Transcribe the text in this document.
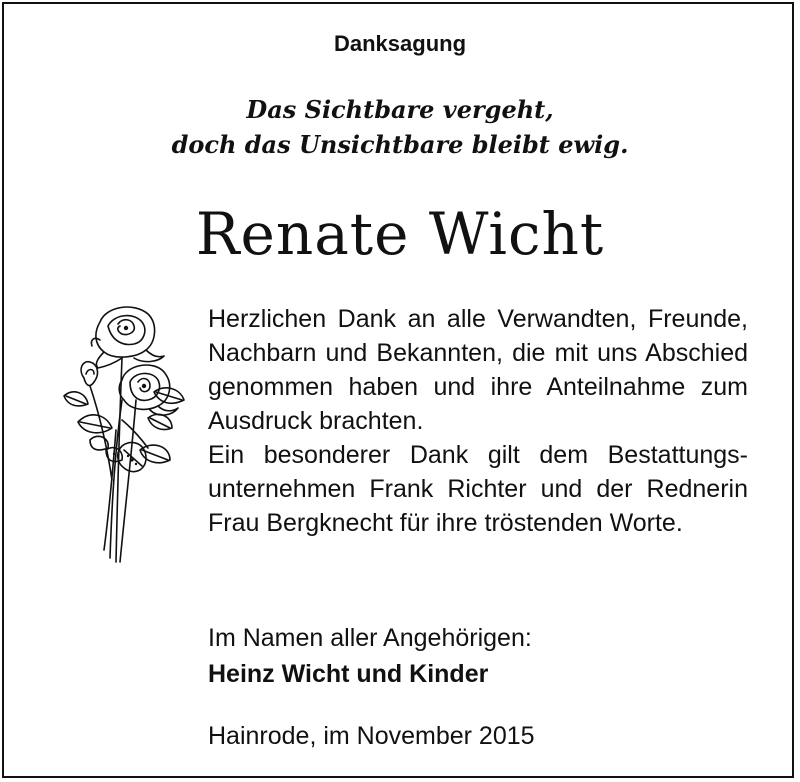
Danksagung
Das Sichtbare vergeht,
doch das Unsichtbare bleibt ewig.
Renate Wicht

Herzlichen Dank an alle Verwandten, Freunde, Nachbarn und Bekannten, die mit uns Abschied genommen haben und ihre Anteilnahme zum Ausdruck brachten.

Ein besonderer Dank gilt dem Bestattungsunternehmen Frank Richter und der Rednerin Frau Bergknecht für ihre tröstenden Worte.

Im Namen aller Angehörigen:
Heinz Wicht und Kinder
Hainrode, im November 2015
